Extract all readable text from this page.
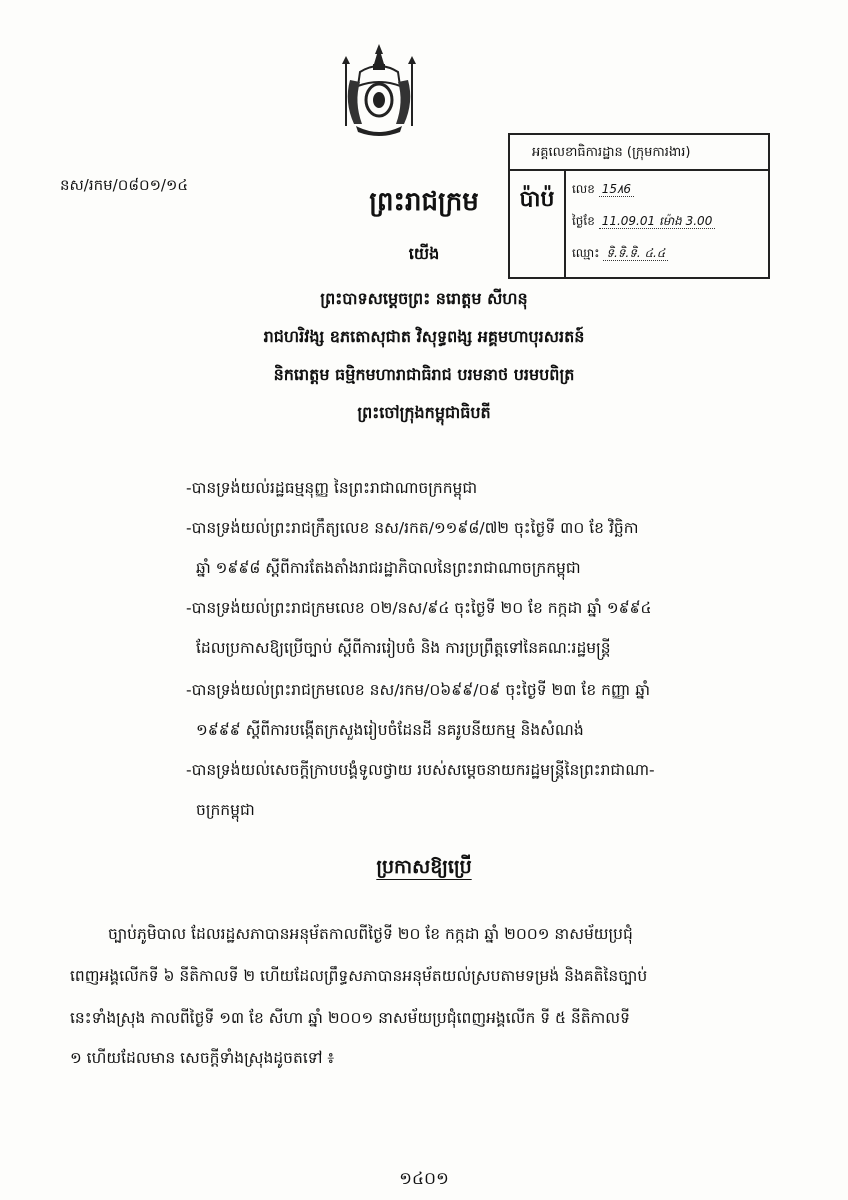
អគ្គលេខាធិការដ្ឋាន (ក្រុមការងារ)
ប៉ាប៉	លេខ 15٨6
ថ្ងៃខែ 11.09.01 ម៉ោង 3.00
ឈ្មោះ ទិ.ទិ.ទិ. ៤.៤
នស/រកម/០៨០១/១៤
ព្រះរាជក្រម
យើង
ព្រះបាទសម្តេចព្រះ នរោត្តម សីហនុ
រាជហរិវង្ស ឧភតោសុជាត វិសុទ្ធពង្ស អគ្គមហាបុរសរតន៍
និករោត្តម ធម្មិកមហារាជាធិរាជ បរមនាថ បរមបពិត្រ
ព្រះចៅក្រុងកម្ពុជាធិបតី
-បានទ្រង់យល់រដ្ឋធម្មនុញ្ញ នៃព្រះរាជាណាចក្រកម្ពុជា
-បានទ្រង់យល់ព្រះរាជក្រឹត្យលេខ នស/រកត/១១៩៨/៧២ ចុះថ្ងៃទី ៣០ ខែ វិច្ឆិកា
ឆ្នាំ ១៩៩៨ ស្តីពីការតែងតាំងរាជរដ្ឋាភិបាលនៃព្រះរាជាណាចក្រកម្ពុជា
-បានទ្រង់យល់ព្រះរាជក្រមលេខ ០២/នស/៩៤ ចុះថ្ងៃទី ២០ ខែ កក្កដា ឆ្នាំ ១៩៩៤
ដែលប្រកាសឱ្យប្រើច្បាប់ ស្តីពីការរៀបចំ និង ការប្រព្រឹត្តទៅនៃគណៈរដ្ឋមន្ត្រី
-បានទ្រង់យល់ព្រះរាជក្រមលេខ នស/រកម/០៦៩៩/០៩ ចុះថ្ងៃទី ២៣ ខែ កញ្ញា ឆ្នាំ
១៩៩៩ ស្តីពីការបង្កើតក្រសួងរៀបចំដែនដី នគរូបនីយកម្ម និងសំណង់
-បានទ្រង់យល់សេចក្តីក្រាបបង្គំទូលថ្វាយ របស់សម្តេចនាយករដ្ឋមន្ត្រីនៃព្រះរាជាណា-
ចក្រកម្ពុជា
ប្រកាសឱ្យប្រើ
ច្បាប់ភូមិបាល ដែលរដ្ឋសភាបានអនុម័តកាលពីថ្ងៃទី ២០ ខែ កក្កដា ឆ្នាំ ២០០១ នាសម័យប្រជុំ
ពេញអង្គលើកទី ៦ នីតិកាលទី ២ ហើយដែលព្រឹទ្ធសភាបានអនុម័តយល់ស្របតាមទម្រង់ និងគតិនៃច្បាប់
នេះទាំងស្រុង កាលពីថ្ងៃទី ១៣ ខែ សីហា ឆ្នាំ ២០០១ នាសម័យប្រជុំពេញអង្គលើក ទី ៥ នីតិកាលទី
១ ហើយដែលមាន សេចក្តីទាំងស្រុងដូចតទៅ ៖
១៤០១
